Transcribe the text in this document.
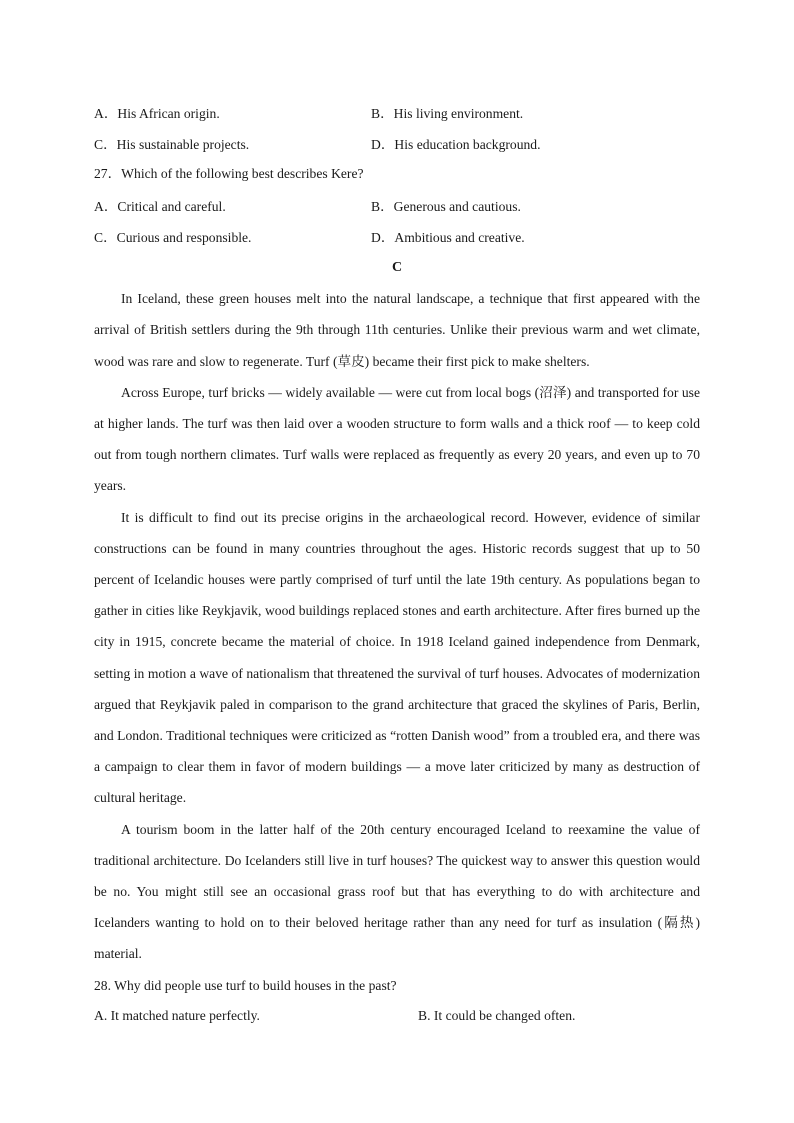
A．His African origin.	B．His living environment.
C．His sustainable projects.	D．His education background.
27．Which of the following best describes Kere?
A．Critical and careful.	B．Generous and cautious.
C．Curious and responsible.	D．Ambitious and creative.
C

In Iceland, these green houses melt into the natural landscape, a technique that first appeared with the arrival of British settlers during the 9th through 11th centuries. Unlike their previous warm and wet climate, wood was rare and slow to regenerate. Turf (草皮) became their first pick to make shelters.

Across Europe, turf bricks — widely available — were cut from local bogs (沼泽) and transported for use at higher lands. The turf was then laid over a wooden structure to form walls and a thick roof — to keep cold out from tough northern climates. Turf walls were replaced as frequently as every 20 years, and even up to 70 years.

It is difficult to find out its precise origins in the archaeological record. However, evidence of similar constructions can be found in many countries throughout the ages. Historic records suggest that up to 50 percent of Icelandic houses were partly comprised of turf until the late 19th century. As populations began to gather in cities like Reykjavik, wood buildings replaced stones and earth architecture. After fires burned up the city in 1915, concrete became the material of choice. In 1918 Iceland gained independence from Denmark, setting in motion a wave of nationalism that threatened the survival of turf houses. Advocates of modernization argued that Reykjavik paled in comparison to the grand architecture that graced the skylines of Paris, Berlin, and London. Traditional techniques were criticized as “rotten Danish wood” from a troubled era, and there was a campaign to clear them in favor of modern buildings — a move later criticized by many as destruction of cultural heritage.

A tourism boom in the latter half of the 20th century encouraged Iceland to reexamine the value of traditional architecture. Do Icelanders still live in turf houses? The quickest way to answer this question would be no. You might still see an occasional grass roof but that has everything to do with architecture and Icelanders wanting to hold on to their beloved heritage rather than any need for turf as insulation (隔热) material.

28. Why did people use turf to build houses in the past?
A. It matched nature perfectly.	B. It could be changed often.
